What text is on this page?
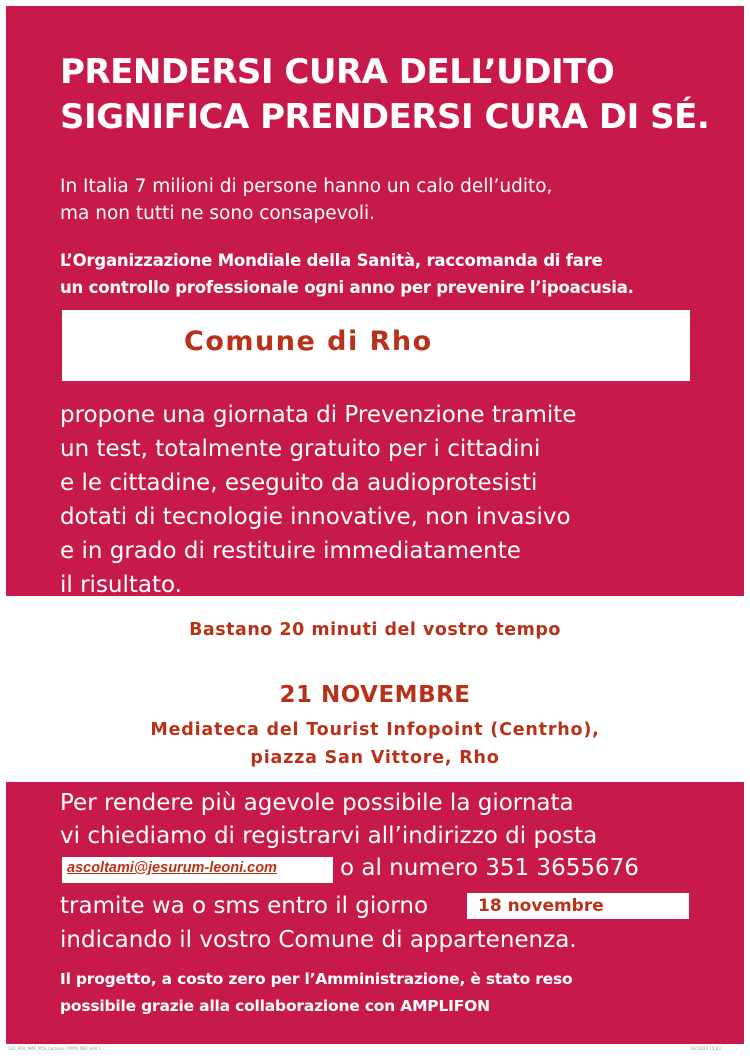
PRENDERSI CURA DELL’UDITO
SIGNIFICA PRENDERSI CURA DI SÉ.
In Italia 7 milioni di persone hanno un calo dell’udito,
ma non tutti ne sono consapevoli.
L’Organizzazione Mondiale della Sanità, raccomanda di fare
un controllo professionale ogni anno per prevenire l’ipoacusia.
Comune di Rho
propone una giornata di Prevenzione tramite
un test, totalmente gratuito per i cittadini
e le cittadine, eseguito da audioprotesisti
dotati di tecnologie innovative, non invasivo
e in grado di restituire immediatamente
il risultato.
Bastano 20 minuti del vostro tempo
21 NOVEMBRE
Mediateca del Tourist Infopoint (Centrho),
piazza San Vittore, Rho
Per rendere più agevole possibile la giornata
vi chiediamo di registrarvi all’indirizzo di posta
ascoltami@jesurum-leoni.com	o al numero 351 3655676
tramite wa o sms entro il giorno	18 novembre
indicando il vostro Comune di appartenenza.
Il progetto, a costo zero per l’Amministrazione, è stato reso
possibile grazie alla collaborazione con AMPLIFON
140_950_AMP_POS_Comune_CMYK_DEF.indd 1	16/10/24 15:03
